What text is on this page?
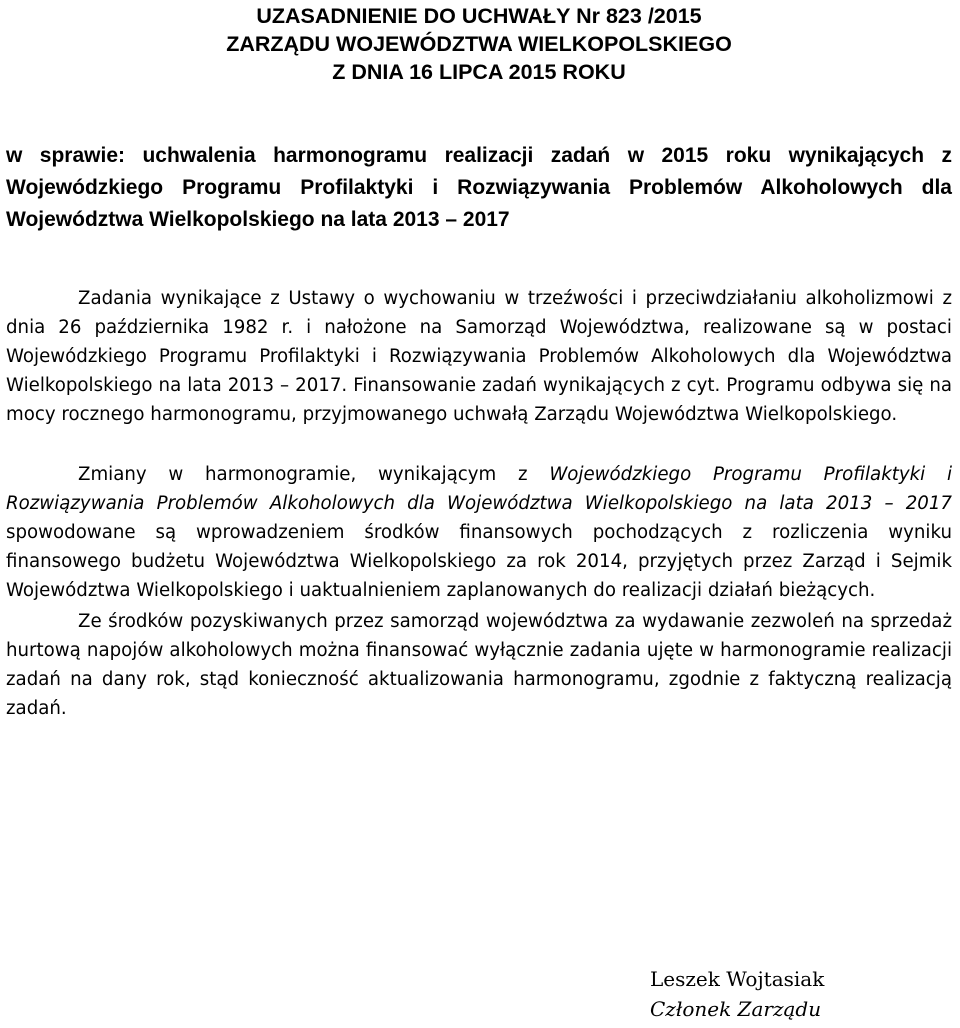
UZASADNIENIE DO UCHWAŁY Nr 823 /2015
ZARZĄDU WOJEWÓDZTWA WIELKOPOLSKIEGO
Z DNIA 16 LIPCA 2015 ROKU
w sprawie: uchwalenia harmonogramu realizacji zadań w 2015 roku wynikających z Wojewódzkiego Programu Profilaktyki i Rozwiązywania Problemów Alkoholowych dla Województwa Wielkopolskiego na lata 2013 – 2017

Zadania wynikające z Ustawy o wychowaniu w trzeźwości i przeciwdziałaniu alkoholizmowi z dnia 26 października 1982 r. i nałożone na Samorząd Województwa, realizowane są w postaci Wojewódzkiego Programu Profilaktyki i Rozwiązywania Problemów Alkoholowych dla Województwa Wielkopolskiego na lata 2013 – 2017. Finansowanie zadań wynikających z cyt. Programu odbywa się na mocy rocznego harmonogramu, przyjmowanego uchwałą Zarządu Województwa Wielkopolskiego.

Zmiany w harmonogramie, wynikającym z Wojewódzkiego Programu Profilaktyki i Rozwiązywania Problemów Alkoholowych dla Województwa Wielkopolskiego na lata 2013 – 2017 spowodowane są wprowadzeniem środków finansowych pochodzących z rozliczenia wyniku finansowego budżetu Województwa Wielkopolskiego za rok 2014, przyjętych przez Zarząd i Sejmik Województwa Wielkopolskiego i uaktualnieniem zaplanowanych do realizacji działań bieżących.

Ze środków pozyskiwanych przez samorząd województwa za wydawanie zezwoleń na sprzedaż hurtową napojów alkoholowych można finansować wyłącznie zadania ujęte w harmonogramie realizacji zadań na dany rok, stąd konieczność aktualizowania harmonogramu, zgodnie z faktyczną realizacją zadań.

Leszek Wojtasiak
Członek Zarządu
